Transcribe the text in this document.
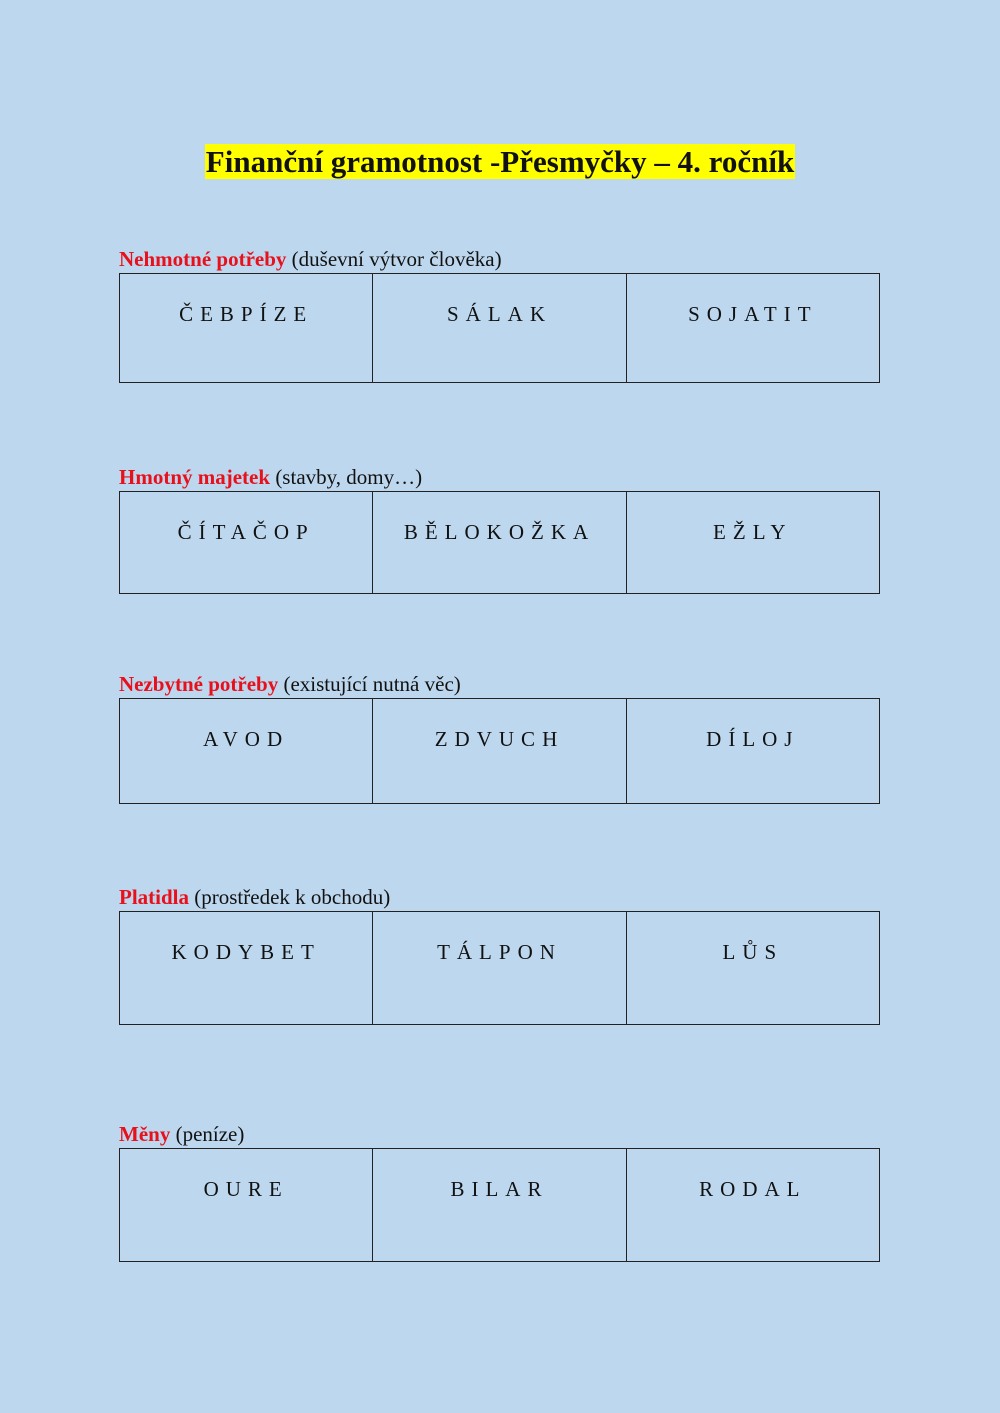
Finanční gramotnost -Přesmyčky – 4. ročník
Nehmotné potřeby (duševní výtvor člověka)
ČEBPÍZE	SÁLAK	SOJATIT
Hmotný majetek (stavby, domy…)
ČÍTAČOP	BĚLOKOŽKA	EŽLY
Nezbytné potřeby (existující nutná věc)
AVOD	ZDVUCH	DÍLOJ
Platidla (prostředek k obchodu)
KODYBET	TÁLPON	LŮS
Měny (peníze)
OURE	BILAR	RODAL
